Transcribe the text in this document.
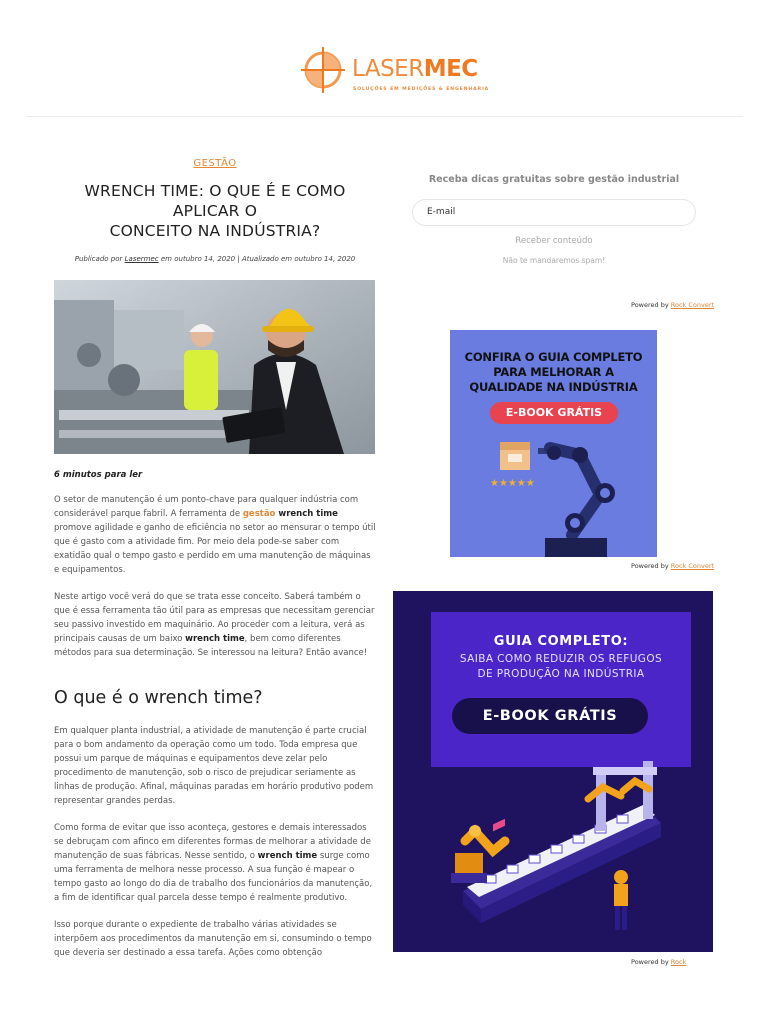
LASERMEC
SOLUÇÕES EM MEDIÇÕES & ENGENHARIA
GESTÃO
WRENCH TIME: O QUE É E COMO APLICAR O
CONCEITO NA INDÚSTRIA?
Publicado por Lasermec em outubro 14, 2020 | Atualizado em outubro 14, 2020
6 minutos para ler

O setor de manutenção é um ponto-chave para qualquer indústria com considerável parque fabril. A ferramenta de gestão wrench time promove agilidade e ganho de eficiência no setor ao mensurar o tempo útil que é gasto com a atividade fim. Por meio dela pode-se saber com exatidão qual o tempo gasto e perdido em uma manutenção de máquinas e equipamentos.

Neste artigo você verá do que se trata esse conceito. Saberá também o que é essa ferramenta tão útil para as empresas que necessitam gerenciar seu passivo investido em maquinário. Ao proceder com a leitura, verá as principais causas de um baixo wrench time, bem como diferentes métodos para sua determinação. Se interessou na leitura? Então avance!

O que é o wrench time?

Em qualquer planta industrial, a atividade de manutenção é parte crucial para o bom andamento da operação como um todo. Toda empresa que possui um parque de máquinas e equipamentos deve zelar pelo procedimento de manutenção, sob o risco de prejudicar seriamente as linhas de produção. Afinal, máquinas paradas em horário produtivo podem representar grandes perdas.

Como forma de evitar que isso aconteça, gestores e demais interessados se debruçam com afinco em diferentes formas de melhorar a atividade de manutenção de suas fábricas. Nesse sentido, o wrench time surge como uma ferramenta de melhora nesse processo. A sua função é mapear o tempo gasto ao longo do dia de trabalho dos funcionários da manutenção, a fim de identificar qual parcela desse tempo é realmente produtivo.

Isso porque durante o expediente de trabalho várias atividades se interpõem aos procedimentos da manutenção em si, consumindo o tempo que deveria ser destinado a essa tarefa. Ações como obtenção

Receba dicas gratuitas sobre gestão industrial
E-mail
Receber conteúdo
Não te mandaremos spam!
Powered by Rock Convert
CONFIRA O GUIA COMPLETO
PARA MELHORAR A
QUALIDADE NA INDÚSTRIA
E-BOOK GRÁTIS
★★★★★
Powered by Rock Convert
GUIA COMPLETO:
SAIBA COMO REDUZIR OS REFUGOS
DE PRODUÇÃO NA INDÚSTRIA
E-BOOK GRÁTIS
Powered by Rock
